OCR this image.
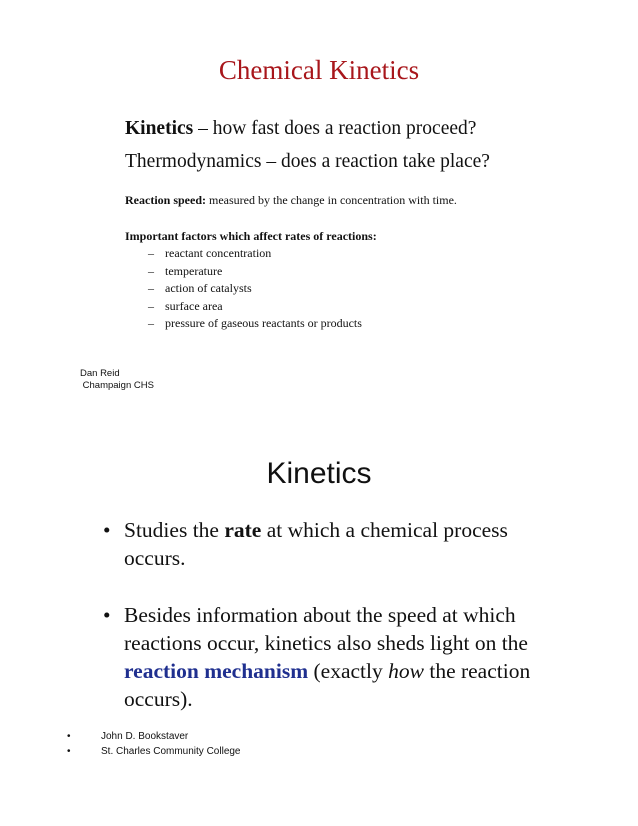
Chemical Kinetics
Kinetics – how fast does a reaction proceed?
Thermodynamics – does a reaction take place?
Reaction speed: measured by the change in concentration with time.
Important factors which affect rates of reactions:
– reactant concentration
– temperature
– action of catalysts
– surface area
– pressure of gaseous reactants or products
Dan Reid
Champaign CHS
Kinetics
• Studies the rate at which a chemical process occurs.
• Besides information about the speed at which reactions occur, kinetics also sheds light on the reaction mechanism (exactly how the reaction occurs).
•	John D. Bookstaver
•	St. Charles Community College
